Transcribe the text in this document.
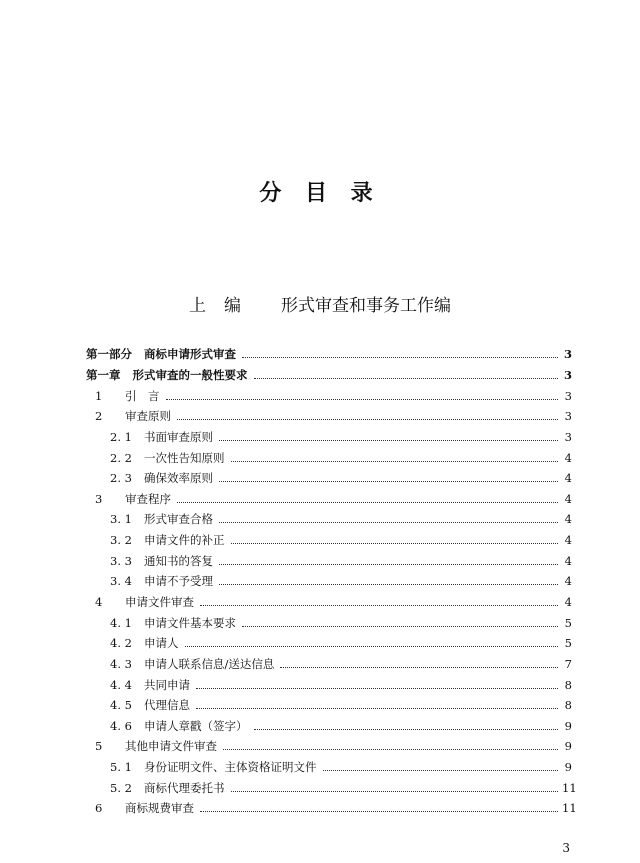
分 目 录
上编 形式审查和事务工作编
第一部分 商标申请形式审查	3
第一章 形式审查的一般性要求	3
1	引　言	3
2	审查原则	3
2. 1	书面审查原则	3
2. 2	一次性告知原则	4
2. 3	确保效率原则	4
3	审查程序	4
3. 1	形式审查合格	4
3. 2	申请文件的补正	4
3. 3	通知书的答复	4
3. 4	申请不予受理	4
4	申请文件审查	4
4. 1	申请文件基本要求	5
4. 2	申请人	5
4. 3	申请人联系信息/送达信息	7
4. 4	共同申请	8
4. 5	代理信息	8
4. 6	申请人章戳（签字）	9
5	其他申请文件审查	9
5. 1	身份证明文件、主体资格证明文件	9
5. 2	商标代理委托书	11
6	商标规费审查	11
3
